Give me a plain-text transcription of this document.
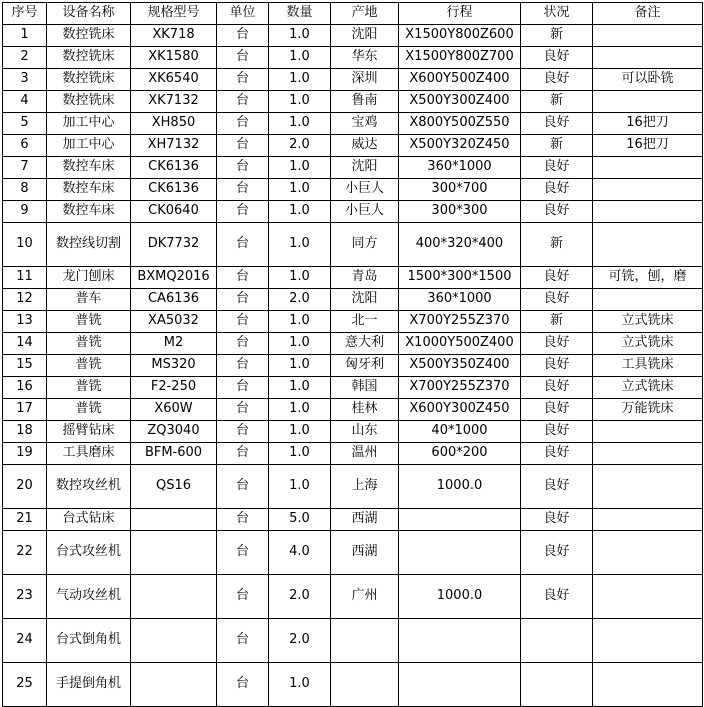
序号	设备名称	规格型号	单位	数量	产地	行程	状况	备注
1	数控铣床	XK718	台	1.0	沈阳	X1500Y800Z600	新	
2	数控铣床	XK1580	台	1.0	华东	X1500Y800Z700	良好	
3	数控铣床	XK6540	台	1.0	深圳	X600Y500Z400	良好	可以卧铣
4	数控铣床	XK7132	台	1.0	鲁南	X500Y300Z400	新	
5	加工中心	XH850	台	1.0	宝鸡	X800Y500Z550	良好	16把刀
6	加工中心	XH7132	台	2.0	威达	X500Y320Z450	新	16把刀
7	数控车床	CK6136	台	1.0	沈阳	360*1000	良好	
8	数控车床	CK6136	台	1.0	小巨人	300*700	良好	
9	数控车床	CK0640	台	1.0	小巨人	300*300	良好	
10	数控线切割	DK7732	台	1.0	同方	400*320*400	新	
11	龙门刨床	BXMQ2016	台	1.0	青岛	1500*300*1500	良好	可铣，刨，磨
12	普车	CA6136	台	2.0	沈阳	360*1000	良好	
13	普铣	XA5032	台	1.0	北一	X700Y255Z370	新	立式铣床
14	普铣	M2	台	1.0	意大利	X1000Y500Z400	良好	立式铣床
15	普铣	MS320	台	1.0	匈牙利	X500Y350Z400	良好	工具铣床
16	普铣	F2-250	台	1.0	韩国	X700Y255Z370	良好	立式铣床
17	普铣	X60W	台	1.0	桂林	X600Y300Z450	良好	万能铣床
18	摇臂钻床	ZQ3040	台	1.0	山东	40*1000	良好	
19	工具磨床	BFM-600	台	1.0	温州	600*200	良好	
20	数控攻丝机	QS16	台	1.0	上海	1000.0	良好	
21	台式钻床		台	5.0	西湖		良好	
22	台式攻丝机		台	4.0	西湖		良好	
23	气动攻丝机		台	2.0	广州	1000.0	良好	
24	台式倒角机		台	2.0				
25	手提倒角机		台	1.0				
